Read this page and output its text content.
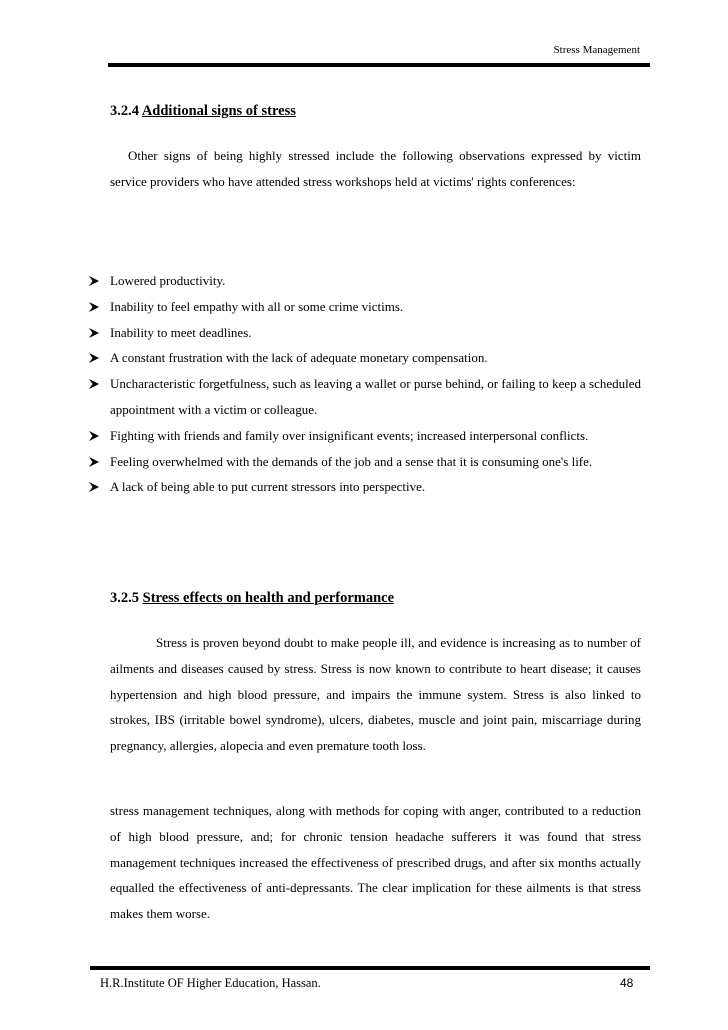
Stress Management
3.2.4 Additional signs of stress
Other signs of being highly stressed include the following observations expressed by victim service providers who have attended stress workshops held at victims' rights conferences:
Lowered productivity.
Inability to feel empathy with all or some crime victims.
Inability to meet deadlines.
A constant frustration with the lack of adequate monetary compensation.
Uncharacteristic forgetfulness, such as leaving a wallet or purse behind, or failing to keep a scheduled appointment with a victim or colleague.
Fighting with friends and family over insignificant events; increased interpersonal conflicts.
Feeling overwhelmed with the demands of the job and a sense that it is consuming one's life.
A lack of being able to put current stressors into perspective.
3.2.5 Stress effects on health and performance
Stress is proven beyond doubt to make people ill, and evidence is increasing as to number of ailments and diseases caused by stress. Stress is now known to contribute to heart disease; it causes hypertension and high blood pressure, and impairs the immune system. Stress is also linked to strokes, IBS (irritable bowel syndrome), ulcers, diabetes, muscle and joint pain, miscarriage during pregnancy, allergies, alopecia and even premature tooth loss.
stress management techniques, along with methods for coping with anger, contributed to a reduction of high blood pressure, and; for chronic tension headache sufferers it was found that stress management techniques increased the effectiveness of prescribed drugs, and after six months actually equalled the effectiveness of anti-depressants. The clear implication for these ailments is that stress makes them worse.
H.R.Institute OF Higher Education, Hassan.	48
